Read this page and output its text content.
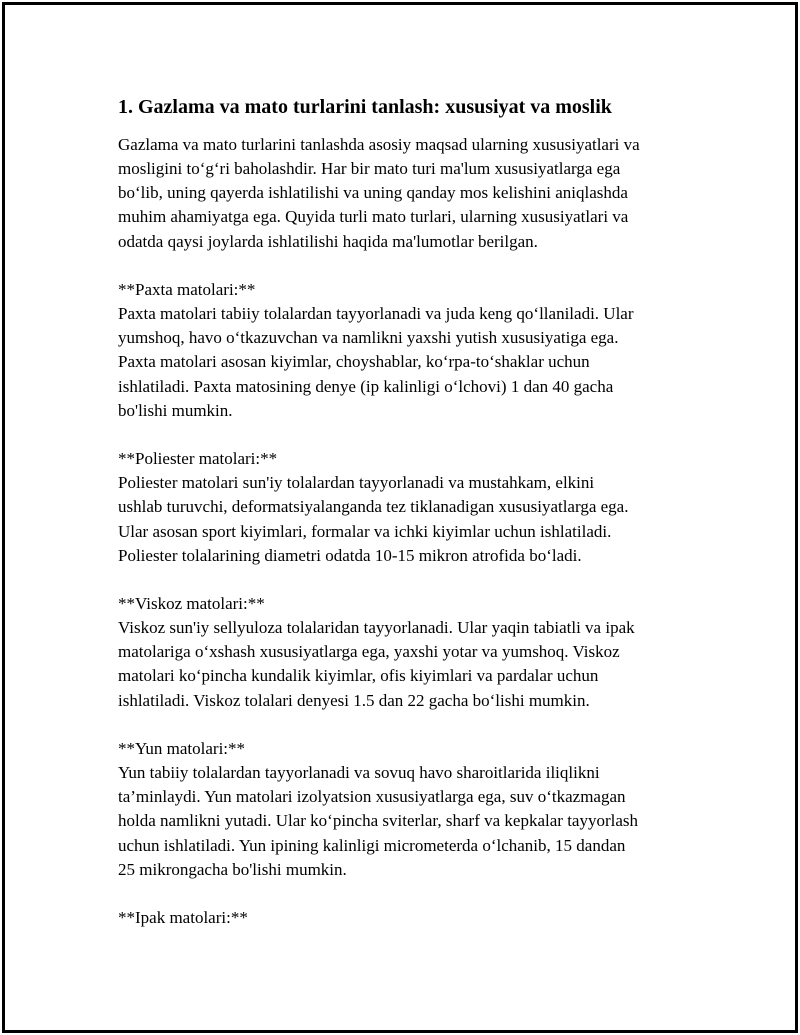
1. Gazlama va mato turlarini tanlash: xususiyat va moslik
Gazlama va mato turlarini tanlashda asosiy maqsad ularning xususiyatlari va
mosligini to‘g‘ri baholashdir. Har bir mato turi ma'lum xususiyatlarga ega
bo‘lib, uning qayerda ishlatilishi va uning qanday mos kelishini aniqlashda
muhim ahamiyatga ega. Quyida turli mato turlari, ularning xususiyatlari va
odatda qaysi joylarda ishlatilishi haqida ma'lumotlar berilgan.
**Paxta matolari:**
Paxta matolari tabiiy tolalardan tayyorlanadi va juda keng qo‘llaniladi. Ular
yumshoq, havo o‘tkazuvchan va namlikni yaxshi yutish xususiyatiga ega.
Paxta matolari asosan kiyimlar, choyshablar, ko‘rpa-to‘shaklar uchun
ishlatiladi. Paxta matosining denye (ip kalinligi o‘lchovi) 1 dan 40 gacha
bo'lishi mumkin.
**Poliester matolari:**
Poliester matolari sun'iy tolalardan tayyorlanadi va mustahkam, elkini
ushlab turuvchi, deformatsiyalanganda tez tiklanadigan xususiyatlarga ega.
Ular asosan sport kiyimlari, formalar va ichki kiyimlar uchun ishlatiladi.
Poliester tolalarining diametri odatda 10-15 mikron atrofida bo‘ladi.
**Viskoz matolari:**
Viskoz sun'iy sellyuloza tolalaridan tayyorlanadi. Ular yaqin tabiatli va ipak
matolariga o‘xshash xususiyatlarga ega, yaxshi yotar va yumshoq. Viskoz
matolari ko‘pincha kundalik kiyimlar, ofis kiyimlari va pardalar uchun
ishlatiladi. Viskoz tolalari denyesi 1.5 dan 22 gacha bo‘lishi mumkin.
**Yun matolari:**
Yun tabiiy tolalardan tayyorlanadi va sovuq havo sharoitlarida iliqlikni
ta’minlaydi. Yun matolari izolyatsion xususiyatlarga ega, suv o‘tkazmagan
holda namlikni yutadi. Ular ko‘pincha sviterlar, sharf va kepkalar tayyorlash
uchun ishlatiladi. Yun ipining kalinligi micrometerda o‘lchanib, 15 dandan
25 mikrongacha bo'lishi mumkin.
**Ipak matolari:**
